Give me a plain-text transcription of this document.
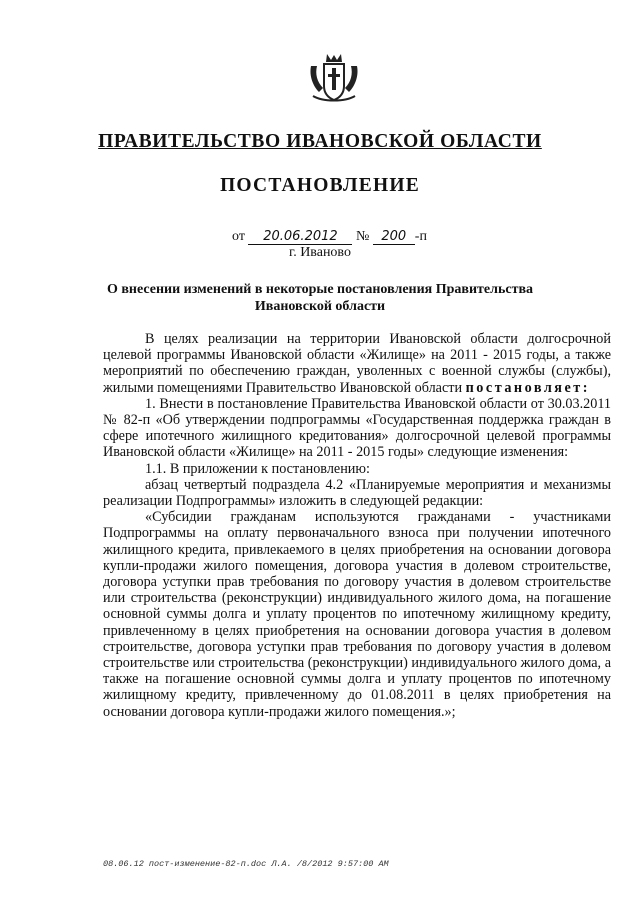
ПРАВИТЕЛЬСТВО ИВАНОВСКОЙ ОБЛАСТИ
ПОСТАНОВЛЕНИЕ
от 20.06.2012 № 200 -п
г. Иваново
О внесении изменений в некоторые постановления Правительства Ивановской области

В целях реализации на территории Ивановской области долгосрочной целевой программы Ивановской области «Жилище» на 2011 - 2015 годы, а также мероприятий по обеспечению граждан, уволенных с военной службы (службы), жилыми помещениями Правительство Ивановской области постановляет:

1. Внести в постановление Правительства Ивановской области от 30.03.2011 № 82-п «Об утверждении подпрограммы «Государственная поддержка граждан в сфере ипотечного жилищного кредитования» долгосрочной целевой программы Ивановской области «Жилище» на 2011 - 2015 годы» следующие изменения:

1.1. В приложении к постановлению:

абзац четвертый подраздела 4.2 «Планируемые мероприятия и механизмы реализации Подпрограммы» изложить в следующей редакции:

«Субсидии гражданам используются гражданами - участниками Подпрограммы на оплату первоначального взноса при получении ипотечного жилищного кредита, привлекаемого в целях приобретения на основании договора купли-продажи жилого помещения, договора участия в долевом строительстве, договора уступки прав требования по договору участия в долевом строительстве или строительства (реконструкции) индивидуального жилого дома, на погашение основной суммы долга и уплату процентов по ипотечному жилищному кредиту, привлеченному в целях приобретения на основании договора участия в долевом строительстве, договора уступки прав требования по договору участия в долевом строительстве или строительства (реконструкции) индивидуального жилого дома, а также на погашение основной суммы долга и уплату процентов по ипотечному жилищному кредиту, привлеченному до 01.08.2011 в целях приобретения на основании договора купли-продажи жилого помещения.»;

08.06.12 пост-изменение-82-п.doc Л.А. /8/2012 9:57:00 AM
